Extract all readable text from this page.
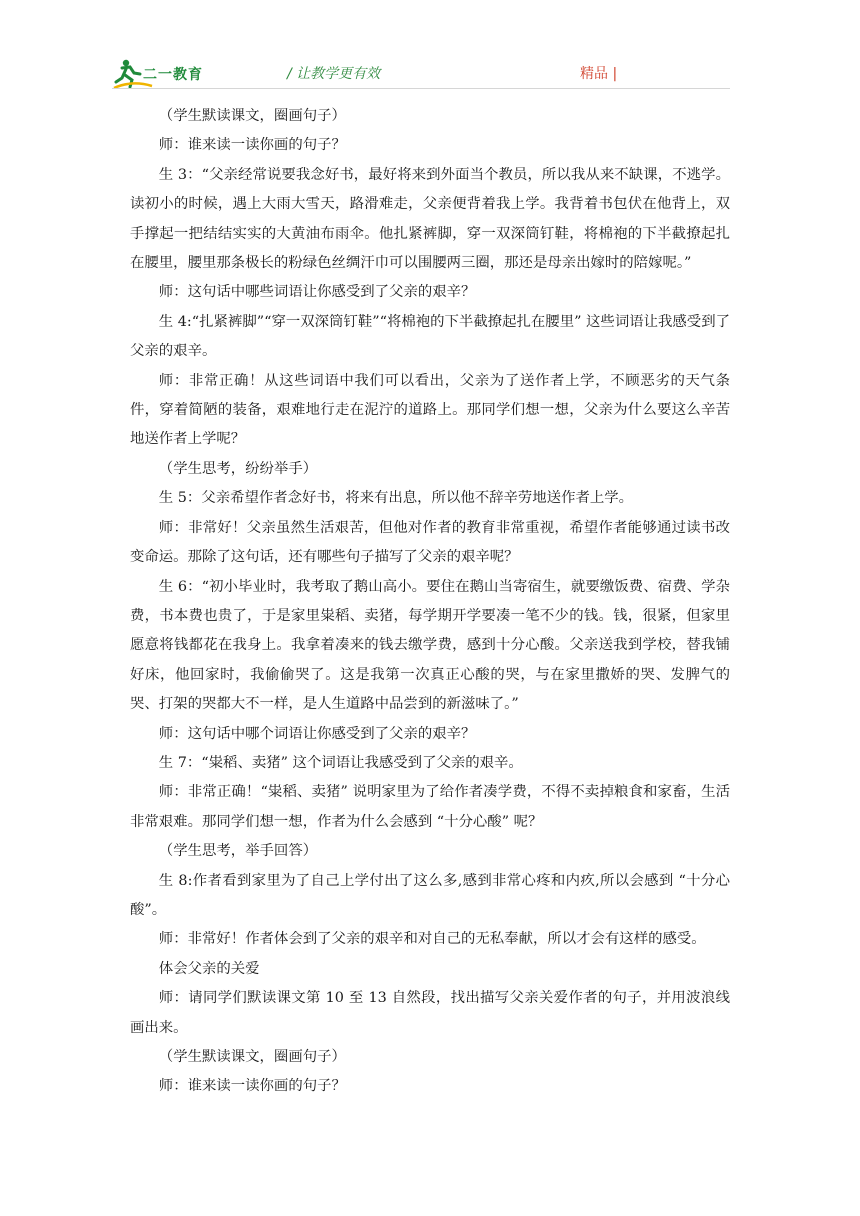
二一教育	/ 让教学更有效	精品 |

（学生默读课文，圈画句子）

师：谁来读一读你画的句子？

生 3：“父亲经常说要我念好书，最好将来到外面当个教员，所以我从来不缺课，不逃学。读初小的时候，遇上大雨大雪天，路滑难走，父亲便背着我上学。我背着书包伏在他背上，双手撑起一把结结实实的大黄油布雨伞。他扎紧裤脚，穿一双深筒钉鞋，将棉袍的下半截撩起扎在腰里，腰里那条极长的粉绿色丝绸汗巾可以围腰两三圈，那还是母亲出嫁时的陪嫁呢。”

师：这句话中哪些词语让你感受到了父亲的艰辛？

生 4:“扎紧裤脚”“穿一双深筒钉鞋”“将棉袍的下半截撩起扎在腰里” 这些词语让我感受到了父亲的艰辛。

师：非常正确！从这些词语中我们可以看出，父亲为了送作者上学，不顾恶劣的天气条件，穿着简陋的装备，艰难地行走在泥泞的道路上。那同学们想一想，父亲为什么要这么辛苦地送作者上学呢？

（学生思考，纷纷举手）

生 5：父亲希望作者念好书，将来有出息，所以他不辞辛劳地送作者上学。

师：非常好！父亲虽然生活艰苦，但他对作者的教育非常重视，希望作者能够通过读书改变命运。那除了这句话，还有哪些句子描写了父亲的艰辛呢？

生 6：“初小毕业时，我考取了鹅山高小。要住在鹅山当寄宿生，就要缴饭费、宿费、学杂费，书本费也贵了，于是家里粜稻、卖猪，每学期开学要凑一笔不少的钱。钱，很紧，但家里愿意将钱都花在我身上。我拿着凑来的钱去缴学费，感到十分心酸。父亲送我到学校，替我铺好床，他回家时，我偷偷哭了。这是我第一次真正心酸的哭，与在家里撒娇的哭、发脾气的哭、打架的哭都大不一样，是人生道路中品尝到的新滋味了。”

师：这句话中哪个词语让你感受到了父亲的艰辛？

生 7：“粜稻、卖猪” 这个词语让我感受到了父亲的艰辛。

师：非常正确！“粜稻、卖猪” 说明家里为了给作者凑学费，不得不卖掉粮食和家畜，生活非常艰难。那同学们想一想，作者为什么会感到 “十分心酸” 呢？

（学生思考，举手回答）

生 8:作者看到家里为了自己上学付出了这么多,感到非常心疼和内疚,所以会感到 “十分心酸”。

师：非常好！作者体会到了父亲的艰辛和对自己的无私奉献，所以才会有这样的感受。

体会父亲的关爱

师：请同学们默读课文第 10 至 13 自然段，找出描写父亲关爱作者的句子，并用波浪线画出来。

（学生默读课文，圈画句子）

师：谁来读一读你画的句子？
